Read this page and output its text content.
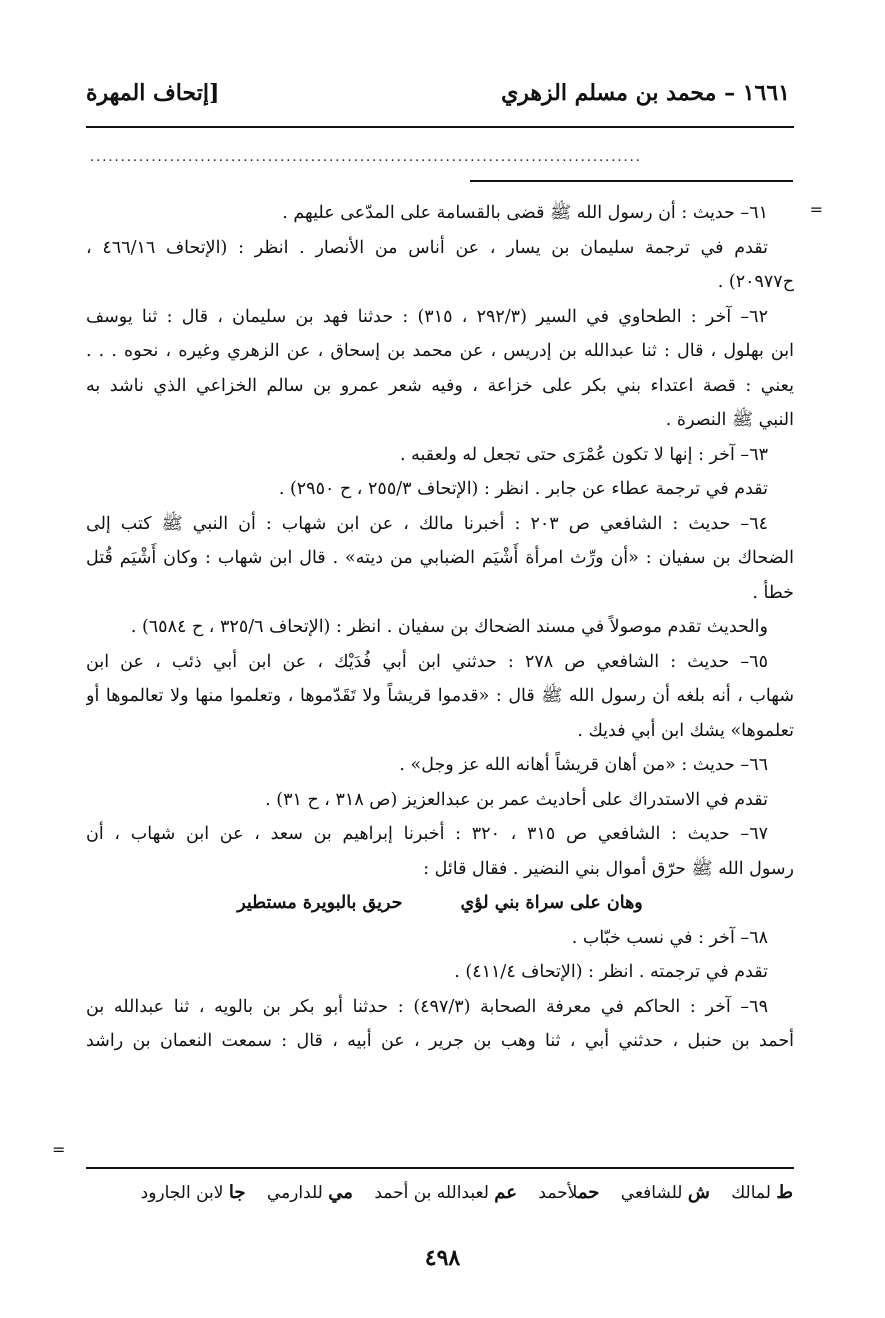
١٦٦١ – محمد بن مسلم الزهري
[إتحاف المهرة
..........................................................................................
=
=
٦١– حديث : أن رسول الله ﷺ قضى بالقسامة على المدّعى عليهم .
تقدم في ترجمة سليمان بن يسار ، عن أناس من الأنصار . انظر : (الإتحاف ٤٦٦/١٦ ،
ح٢٠٩٧٧) .
٦٢– آخر : الطحاوي في السير (٢٩٢/٣ ، ٣١٥) : حدثنا فهد بن سليمان ، قال : ثنا يوسف
ابن بهلول ، قال : ثنا عبدالله بن إدريس ، عن محمد بن إسحاق ، عن الزهري وغيره ، نحوه . . .
يعني : قصة اعتداء بني بكر على خزاعة ، وفيه شعر عمرو بن سالم الخزاعي الذي ناشد به
النبي ﷺ النصرة .
٦٣– آخر : إنها لا تكون عُمْرَى حتى تجعل له ولعقبه .
تقدم في ترجمة عطاء عن جابر . انظر : (الإتحاف ٢٥٥/٣ ، ح ٢٩٥٠) .
٦٤– حديث : الشافعي ص ٢٠٣ : أخبرنا مالك ، عن ابن شهاب : أن النبي ﷺ كتب إلى
الضحاك بن سفيان : «أن ورِّث امرأة أَشْيَم الضبابي من ديته» . قال ابن شهاب : وكان أَشْيَم قُتل
خطأ .
والحديث تقدم موصولاً في مسند الضحاك بن سفيان . انظر : (الإتحاف ٣٢٥/٦ ، ح ٦٥٨٤) .
٦٥– حديث : الشافعي ص ٢٧٨ : حدثني ابن أبي فُدَيْك ، عن ابن أبي ذئب ، عن ابن
شهاب ، أنه بلغه أن رسول الله ﷺ قال : «قدموا قريشاً ولا تَقَدّموها ، وتعلموا منها ولا تعالموها أو
تعلموها» يشك ابن أبي فديك .
٦٦– حديث : «من أهان قريشاً أهانه الله عز وجل» .
تقدم في الاستدراك على أحاديث عمر بن عبدالعزيز (ص ٣١٨ ، ح ٣١) .
٦٧– حديث : الشافعي ص ٣١٥ ، ٣٢٠ : أخبرنا إبراهيم بن سعد ، عن ابن شهاب ، أن
رسول الله ﷺ حرّق أموال بني النضير . فقال قائل :
وهان على سراة بني لؤي حريق بالبويرة مستطير
٦٨– آخر : في نسب خبّاب .
تقدم في ترجمته . انظر : (الإتحاف ٤١١/٤) .
٦٩– آخر : الحاكم في معرفة الصحابة (٤٩٧/٣) : حدثنا أبو بكر بن بالويه ، ثنا عبدالله بن
أحمد بن حنبل ، حدثني أبي ، ثنا وهب بن جرير ، عن أبيه ، قال : سمعت النعمان بن راشد
ط لمالك ش للشافعي حملأحمد عم لعبدالله بن أحمد مي للدارمي جا لابن الجارود
٤٩٨
